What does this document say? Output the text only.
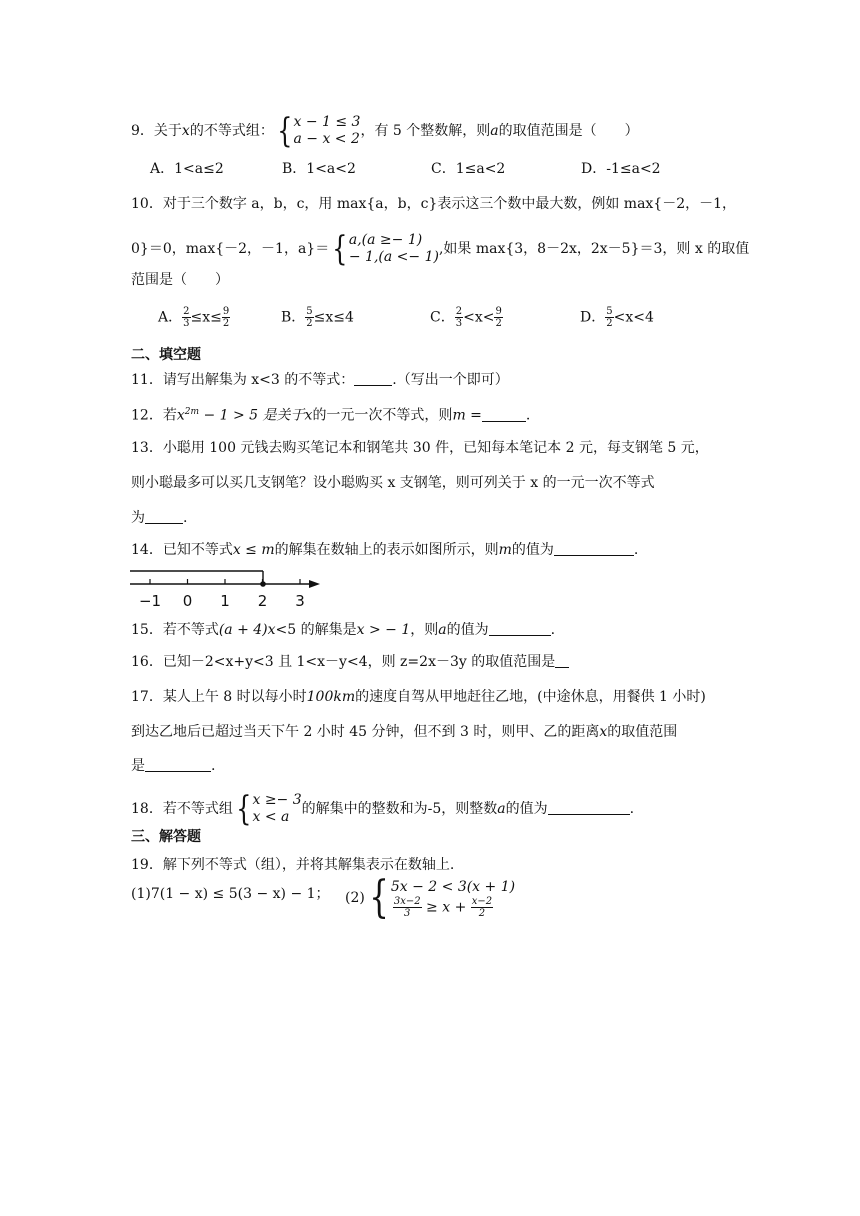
9．关于x的不等式组：{x − 1 ≤ 3
a − x < 2，有 5 个整数解，则a的取值范围是（　　）
A．1<a≤2	B．1<a<2	C．1≤a<2	D．-1≤a<2
10．对于三个数字 a，b，c，用 max{a，b，c}表示这三个数中最大数，例如 max{－2，－1，
0}＝0，max{－2，－1，a}＝{a,(a ≥− 1)
− 1,(a <− 1),如果 max{3，8－2x，2x－5}＝3，则 x 的取值
范围是（　　）
A． $\frac{2}{3} \le x\le \frac{9}{2}$	B． $\frac{5}{2} \le x\le 4$	C． $\frac{2}{3} <x< \frac{9}{2}$	D． $\frac{5}{2} <x<4$
二、填空题
11．请写出解集为 x<3 的不等式：	.（写出一个即可）
12．若$x^{2m} - 1 > 5$ 是关于x的一元一次不等式，则m =	.
13．小聪用 100 元钱去购买笔记本和钢笔共 30 件，已知每本笔记本 2 元，每支钢笔 5 元，
则小聪最多可以买几支钢笔？设小聪购买 x 支钢笔，则可列关于 x 的一元一次不等式
为	.
14．已知不等式x ≤ m的解集在数轴上的表示如图所示，则m的值为	.
−1 0 1 2 3
15．若不等式(a + 4)x<5 的解集是x > − 1，则a的值为	.
16．已知－2<x+y<3 且 1<x－y<4，则 z=2x－3y 的取值范围是
17．某人上午 8 时以每小时100km的速度自驾从甲地赶往乙地，(中途休息，用餐供 1 小时)
到达乙地后已超过当天下午 2 小时 45 分钟，但不到 3 时，则甲、乙的距离x的取值范围
是	.
18．若不等式组{x ≥− 3
x < a 的解集中的整数和为-5，则整数a的值为	.
三、解答题
19．解下列不等式（组），并将其解集表示在数轴上.
(1)7(1 − x) ≤ 5(3 − x) − 1； (2){ 5x − 2 < 3(x + 1)

$\frac{3x-2}{3} \ge x + \frac{x-2}{2}$
